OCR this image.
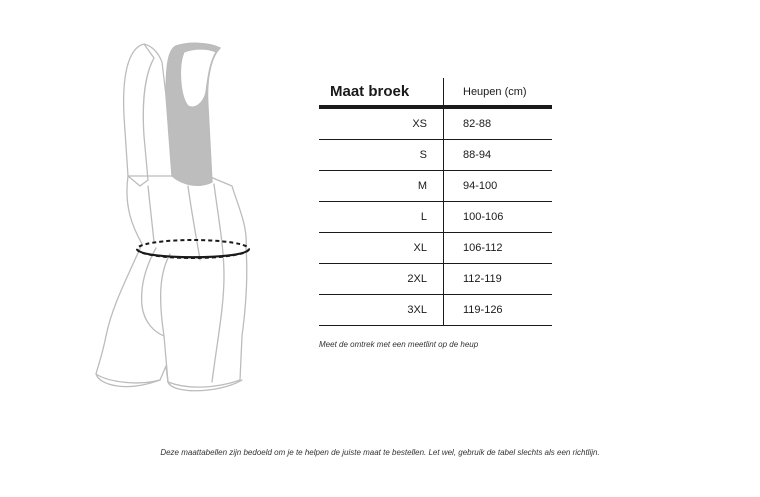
Maat broek	Heupen (cm)
XS	82-88
S	88-94
M	94-100
L	100-106
XL	106-112
2XL	112-119
3XL	119-126
Meet de omtrek met een meetlint op de heup
Deze maattabellen zijn bedoeld om je te helpen de juiste maat te bestellen. Let wel, gebruik de tabel slechts als een richtlijn.
